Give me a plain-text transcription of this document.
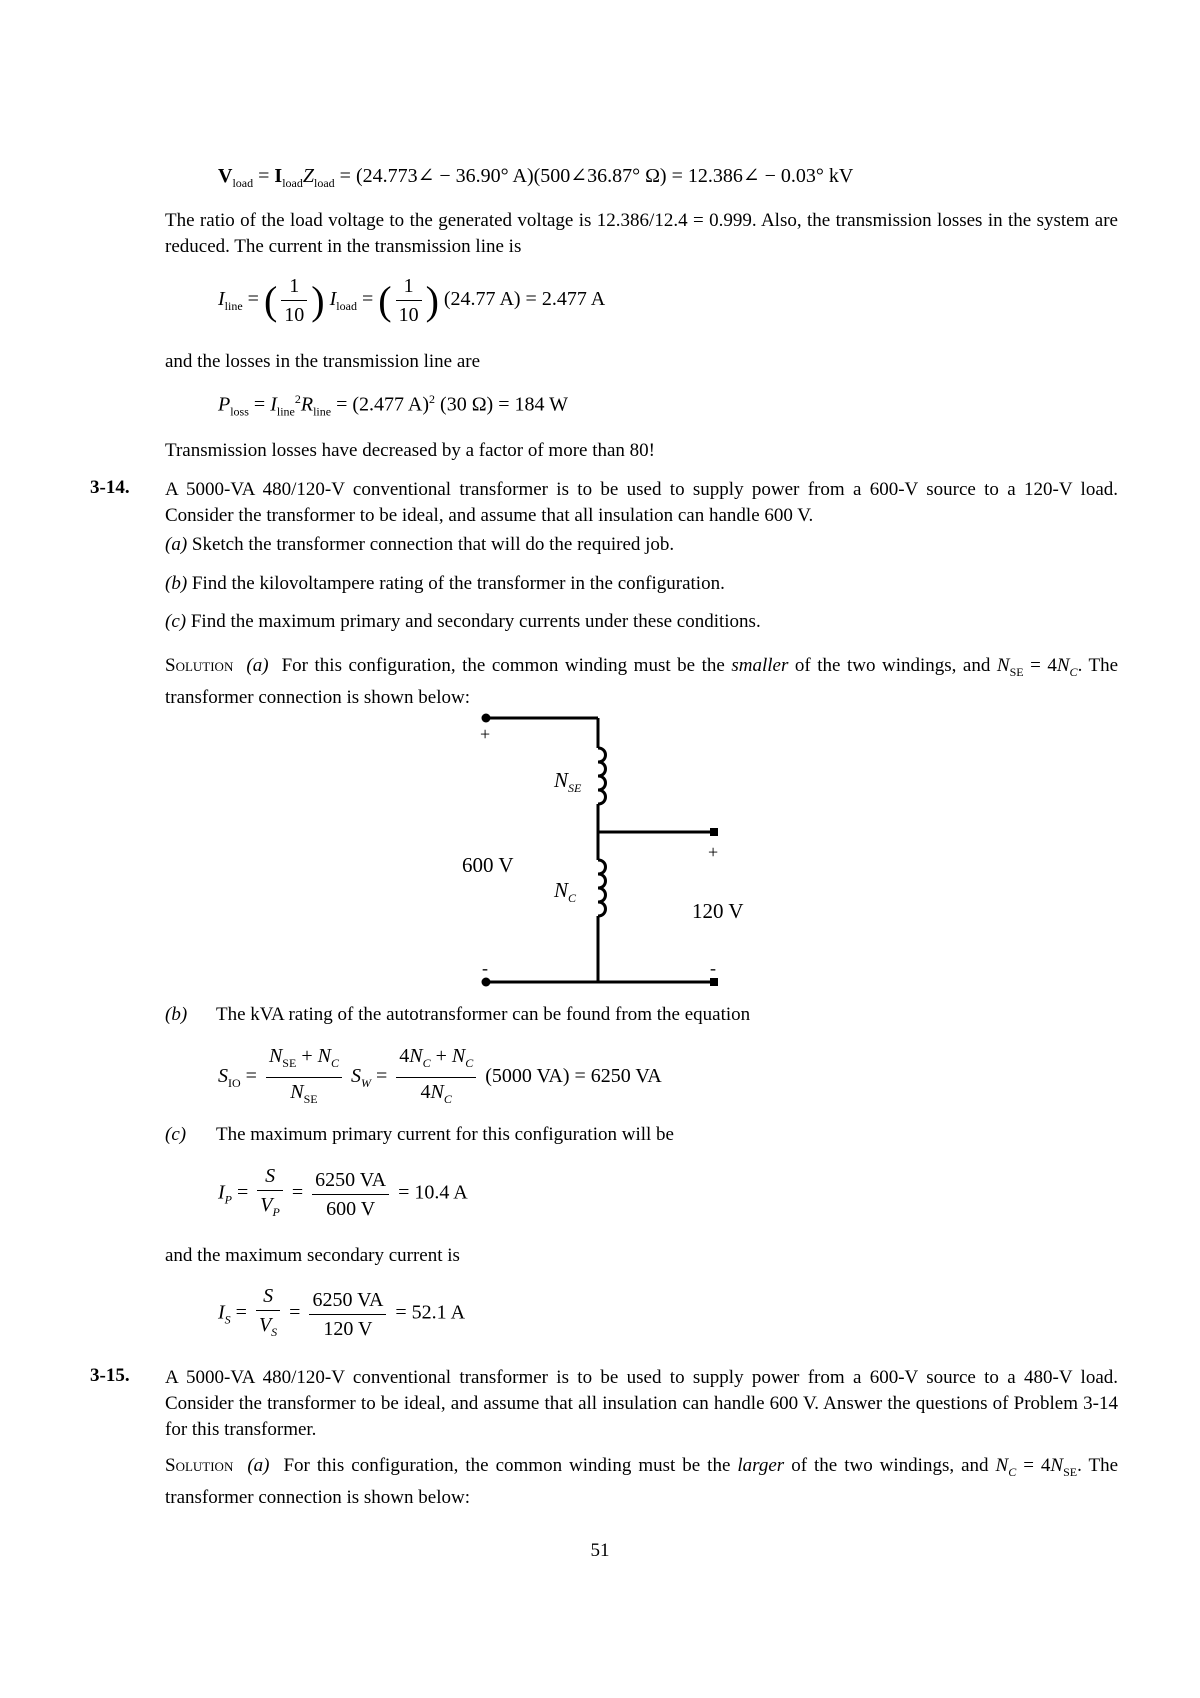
$V_{load} = I_{load}Z_{load}$ = (24.773∠ − 36.90° A)(500∠36.87° Ω) = 12.386∠ − 0.03° kV
The ratio of the load voltage to the generated voltage is 12.386/12.4 = 0.999. Also, the transmission losses in the system are reduced. The current in the transmission line is
$I_{line}$ = ( $\frac{1}{10}$ ) $I_{load}$ = ( $\frac{1}{10}$ ) (24.77 A) = 2.477 A
and the losses in the transmission line are
$P_{loss} = I_{line}^2R_{line} = (2.477$ A)$^2$ (30 Ω) = 184 W
Transmission losses have decreased by a factor of more than 80!
3-14. A 5000-VA 480/120-V conventional transformer is to be used to supply power from a 600-V source to a 120-V load. Consider the transformer to be ideal, and assume that all insulation can handle 600 V.
(a) Sketch the transformer connection that will do the required job.
(b) Find the kilovoltampere rating of the transformer in the configuration.
(c) Find the maximum primary and secondary currents under these conditions.
Solution (a) For this configuration, the common winding must be the smaller of the two windings, and $N_{SE} = 4N_C$. The transformer connection is shown below:
+
$N_{SE}$
+
600 V
$N_C$
120 V
-	-
(b) The kVA rating of the autotransformer can be found from the equation
$S_{IO} = \frac{N_{SE} + N_C}{N_{SE}} S_W = \frac{4N_C + N_C}{4N_C} (5000$ VA) = 6250 VA
(c) The maximum primary current for this configuration will be
$I_P = \frac{S}{V_P} = \frac{6250 VA}{600 V} = 10.4$ A
and the maximum secondary current is
$I_S = \frac{S}{V_S} = \frac{6250 VA}{120 V} = 52.1$ A
3-15. A 5000-VA 480/120-V conventional transformer is to be used to supply power from a 600-V source to a 480-V load. Consider the transformer to be ideal, and assume that all insulation can handle 600 V. Answer the questions of Problem 3-14 for this transformer.
Solution (a) For this configuration, the common winding must be the larger of the two windings, and $N_C = 4N_{SE}$. The transformer connection is shown below:
51
